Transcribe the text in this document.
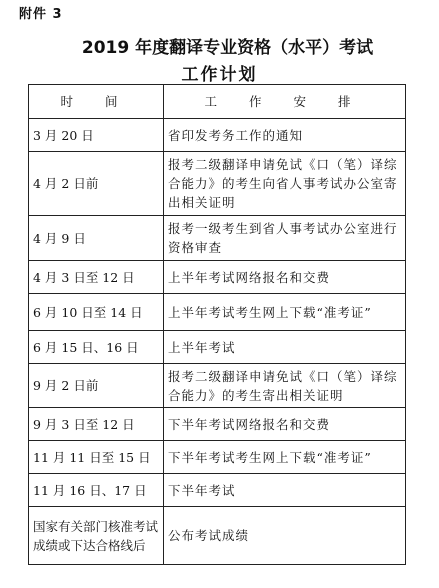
附件 3
2019 年度翻译专业资格（水平）考试
工作计划
时 间	工 作 安 排
3 月 20 日	省印发考务工作的通知
4 月 2 日前	报考二级翻译申请免试《口（笔）译综合能力》的考生向省人事考试办公室寄出相关证明
4 月 9 日	报考一级考生到省人事考试办公室进行资格审查
4 月 3 日至 12 日	上半年考试网络报名和交费
6 月 10 日至 14 日	上半年考试考生网上下载“准考证”
6 月 15 日、16 日	上半年考试
9 月 2 日前	报考二级翻译申请免试《口（笔）译综合能力》的考生寄出相关证明
9 月 3 日至 12 日	下半年考试网络报名和交费
11 月 11 日至 15 日	下半年考试考生网上下载“准考证”
11 月 16 日、17 日	下半年考试
国家有关部门核准考试成绩或下达合格线后	公布考试成绩
